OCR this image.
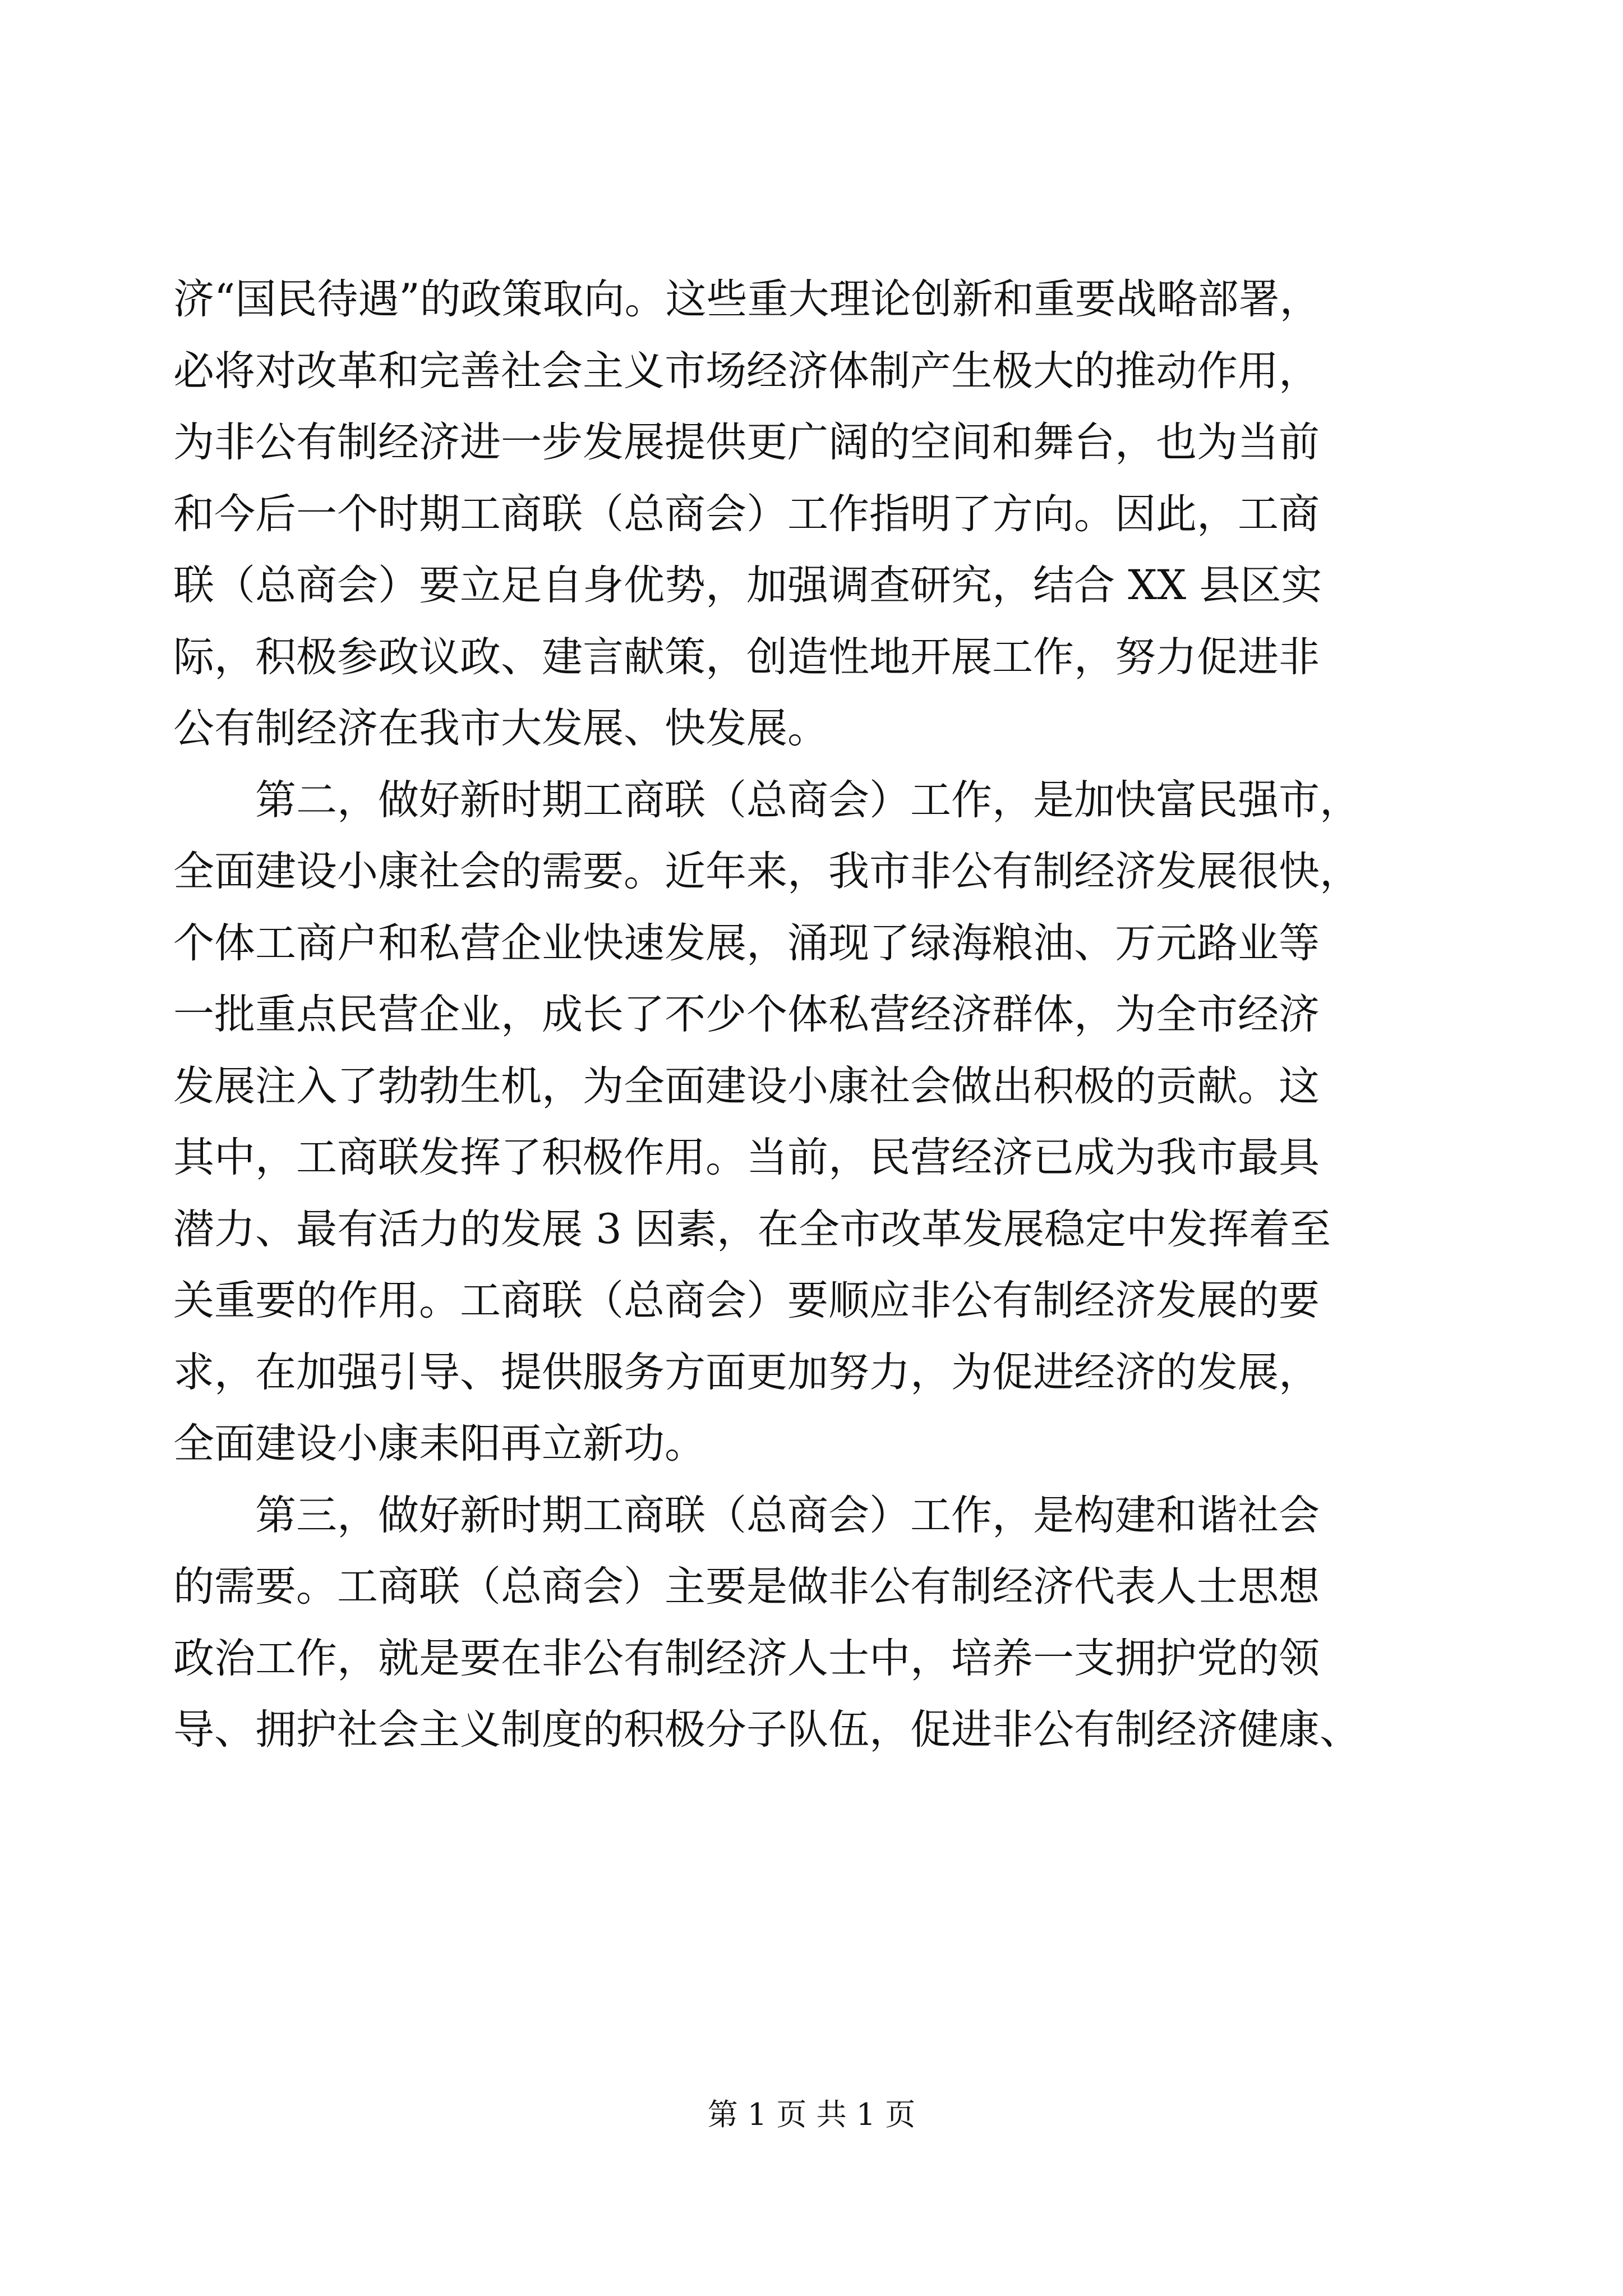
济“国民待遇”的政策取向。这些重大理论创新和重要战略部署，
必将对改革和完善社会主义市场经济体制产生极大的推动作用，
为非公有制经济进一步发展提供更广阔的空间和舞台，也为当前
和今后一个时期工商联（总商会）工作指明了方向。因此，工商
联（总商会）要立足自身优势，加强调查研究，结合 XX 县区实
际，积极参政议政、建言献策，创造性地开展工作，努力促进非
公有制经济在我市大发展、快发展。
　　第二，做好新时期工商联（总商会）工作，是加快富民强市，
全面建设小康社会的需要。近年来，我市非公有制经济发展很快，
个体工商户和私营企业快速发展，涌现了绿海粮油、万元路业等
一批重点民营企业，成长了不少个体私营经济群体，为全市经济
发展注入了勃勃生机，为全面建设小康社会做出积极的贡献。这
其中，工商联发挥了积极作用。当前，民营经济已成为我市最具
潜力、最有活力的发展 3 因素，在全市改革发展稳定中发挥着至
关重要的作用。工商联（总商会）要顺应非公有制经济发展的要
求，在加强引导、提供服务方面更加努力，为促进经济的发展，
全面建设小康耒阳再立新功。
　　第三，做好新时期工商联（总商会）工作，是构建和谐社会
的需要。工商联（总商会）主要是做非公有制经济代表人士思想
政治工作，就是要在非公有制经济人士中，培养一支拥护党的领
导、拥护社会主义制度的积极分子队伍，促进非公有制经济健康、
第 1 页 共 1 页
